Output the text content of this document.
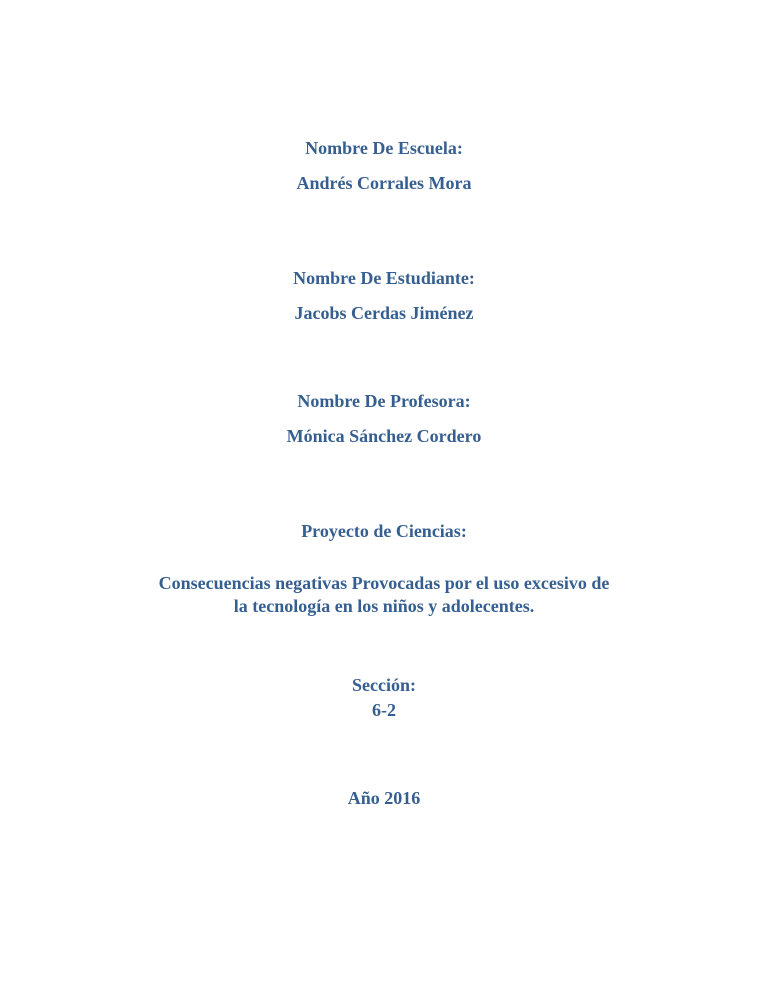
Nombre De Escuela:
Andrés Corrales Mora
Nombre De Estudiante:
Jacobs Cerdas Jiménez
Nombre De Profesora:
Mónica Sánchez Cordero
Proyecto de Ciencias:
Consecuencias negativas Provocadas por el uso excesivo de
la tecnología en los niños y adolecentes.
Sección:
6-2
Año 2016
